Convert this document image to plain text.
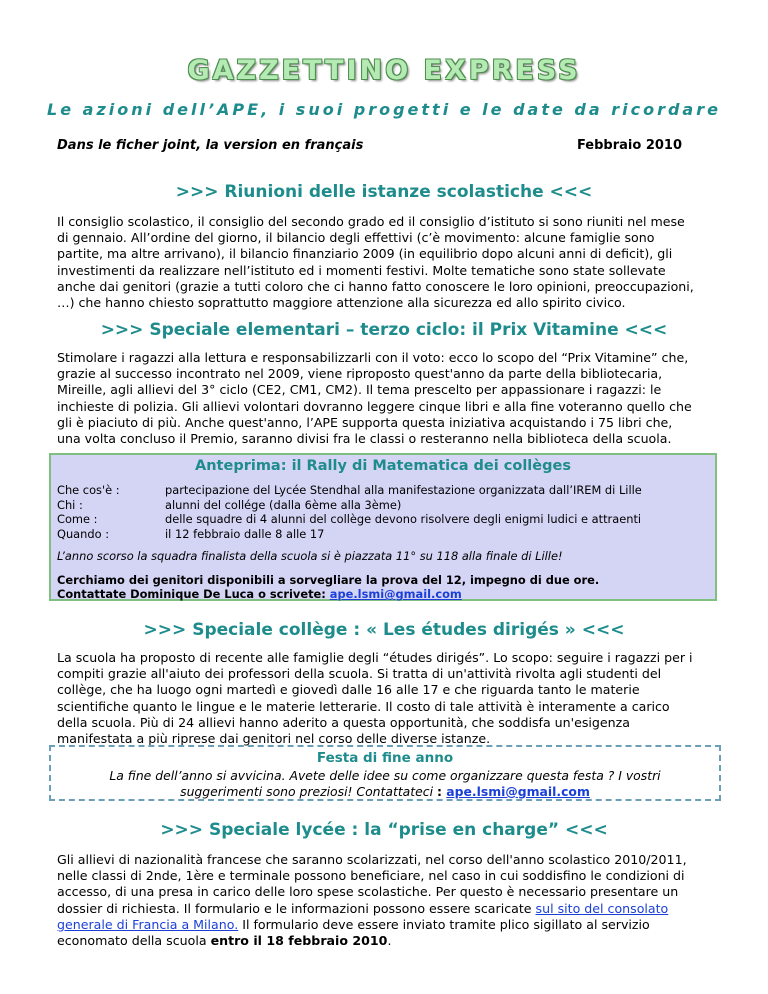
GAZZETTINO EXPRESS
Le azioni dell’APE, i suoi progetti e le date da ricordare
Dans le ficher joint, la version en français	Febbraio 2010
>>> Riunioni delle istanze scolastiche <<<
Il consiglio scolastico, il consiglio del secondo grado ed il consiglio d’istituto si sono riuniti nel mese
di gennaio. All’ordine del giorno, il bilancio degli effettivi (c’è movimento: alcune famiglie sono
partite, ma altre arrivano), il bilancio finanziario 2009 (in equilibrio dopo alcuni anni di deficit), gli
investimenti da realizzare nell’istituto ed i momenti festivi. Molte tematiche sono state sollevate
anche dai genitori (grazie a tutti coloro che ci hanno fatto conoscere le loro opinioni, preoccupazioni,
…) che hanno chiesto soprattutto maggiore attenzione alla sicurezza ed allo spirito civico.
>>> Speciale elementari – terzo ciclo: il Prix Vitamine <<<
Stimolare i ragazzi alla lettura e responsabilizzarli con il voto: ecco lo scopo del “Prix Vitamine” che,
grazie al successo incontrato nel 2009, viene riproposto quest'anno da parte della bibliotecaria,
Mireille, agli allievi del 3° ciclo (CE2, CM1, CM2). Il tema prescelto per appassionare i ragazzi: le
inchieste di polizia. Gli allievi volontari dovranno leggere cinque libri e alla fine voteranno quello che
gli è piaciuto di più. Anche quest'anno, l’APE supporta questa iniziativa acquistando i 75 libri che,
una volta concluso il Premio, saranno divisi fra le classi o resteranno nella biblioteca della scuola.
Anteprima: il Rally di Matematica dei collèges
Che cos'è :	partecipazione del Lycée Stendhal alla manifestazione organizzata dall’IREM di Lille
Chi :	alunni del collége (dalla 6ème alla 3ème)
Come :	delle squadre di 4 alunni del collège devono risolvere degli enigmi ludici e attraenti
Quando :	il 12 febbraio dalle 8 alle 17
L’anno scorso la squadra finalista della scuola si è piazzata 11° su 118 alla finale di Lille!
Cerchiamo dei genitori disponibili a sorvegliare la prova del 12, impegno di due ore.
Contattate Dominique De Luca o scrivete: ape.lsmi@gmail.com
>>> Speciale collège : « Les études dirigés » <<<
La scuola ha proposto di recente alle famiglie degli “études dirigés”. Lo scopo: seguire i ragazzi per i
compiti grazie all'aiuto dei professori della scuola. Si tratta di un'attività rivolta agli studenti del
collège, che ha luogo ogni martedì e giovedì dalle 16 alle 17 e che riguarda tanto le materie
scientifiche quanto le lingue e le materie letterarie. Il costo di tale attività è interamente a carico
della scuola. Più di 24 allievi hanno aderito a questa opportunità, che soddisfa un'esigenza
manifestata a più riprese dai genitori nel corso delle diverse istanze.
Festa di fine anno
La fine dell’anno si avvicina. Avete delle idee su come organizzare questa festa ? I vostri
suggerimenti sono preziosi! Contattateci : ape.lsmi@gmail.com
>>> Speciale lycée : la “prise en charge” <<<
Gli allievi di nazionalità francese che saranno scolarizzati, nel corso dell'anno scolastico 2010/2011,
nelle classi di 2nde, 1ère e terminale possono beneficiare, nel caso in cui soddisfino le condizioni di
accesso, di una presa in carico delle loro spese scolastiche. Per questo è necessario presentare un
dossier di richiesta. Il formulario e le informazioni possono essere scaricate sul sito del consolato
generale di Francia a Milano. Il formulario deve essere inviato tramite plico sigillato al servizio
economato della scuola entro il 18 febbraio 2010.
